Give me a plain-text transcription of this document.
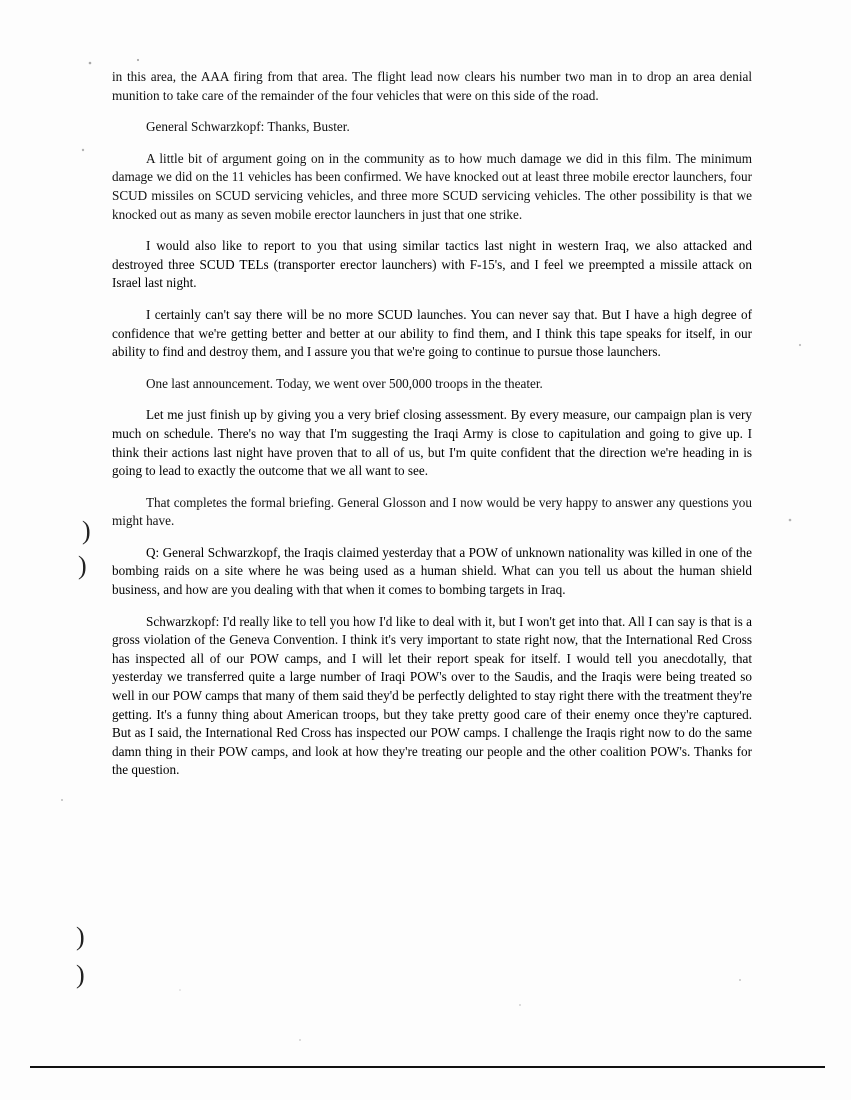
in this area, the AAA firing from that area. The flight lead now clears his number two man in to drop an area denial munition to take care of the remainder of the four vehicles that were on this side of the road.

General Schwarzkopf: Thanks, Buster.

A little bit of argument going on in the community as to how much damage we did in this film. The minimum damage we did on the 11 vehicles has been confirmed. We have knocked out at least three mobile erector launchers, four SCUD missiles on SCUD servicing vehicles, and three more SCUD servicing vehicles. The other possibility is that we knocked out as many as seven mobile erector launchers in just that one strike.

I would also like to report to you that using similar tactics last night in western Iraq, we also attacked and destroyed three SCUD TELs (transporter erector launchers) with F-15's, and I feel we preempted a missile attack on Israel last night.

I certainly can't say there will be no more SCUD launches. You can never say that. But I have a high degree of confidence that we're getting better and better at our ability to find them, and I think this tape speaks for itself, in our ability to find and destroy them, and I assure you that we're going to continue to pursue those launchers.

One last announcement. Today, we went over 500,000 troops in the theater.

Let me just finish up by giving you a very brief closing assessment. By every measure, our campaign plan is very much on schedule. There's no way that I'm suggesting the Iraqi Army is close to capitulation and going to give up. I think their actions last night have proven that to all of us, but I'm quite confident that the direction we're heading in is going to lead to exactly the outcome that we all want to see.

That completes the formal briefing. General Glosson and I now would be very happy to answer any questions you might have.

Q: General Schwarzkopf, the Iraqis claimed yesterday that a POW of unknown nationality was killed in one of the bombing raids on a site where he was being used as a human shield. What can you tell us about the human shield business, and how are you dealing with that when it comes to bombing targets in Iraq.

Schwarzkopf: I'd really like to tell you how I'd like to deal with it, but I won't get into that. All I can say is that is a gross violation of the Geneva Convention. I think it's very important to state right now, that the International Red Cross has inspected all of our POW camps, and I will let their report speak for itself. I would tell you anecdotally, that yesterday we transferred quite a large number of Iraqi POW's over to the Saudis, and the Iraqis were being treated so well in our POW camps that many of them said they'd be perfectly delighted to stay right there with the treatment they're getting. It's a funny thing about American troops, but they take pretty good care of their enemy once they're captured. But as I said, the International Red Cross has inspected our POW camps. I challenge the Iraqis right now to do the same damn thing in their POW camps, and look at how they're treating our people and the other coalition POW's. Thanks for the question.

)
)
)
)
